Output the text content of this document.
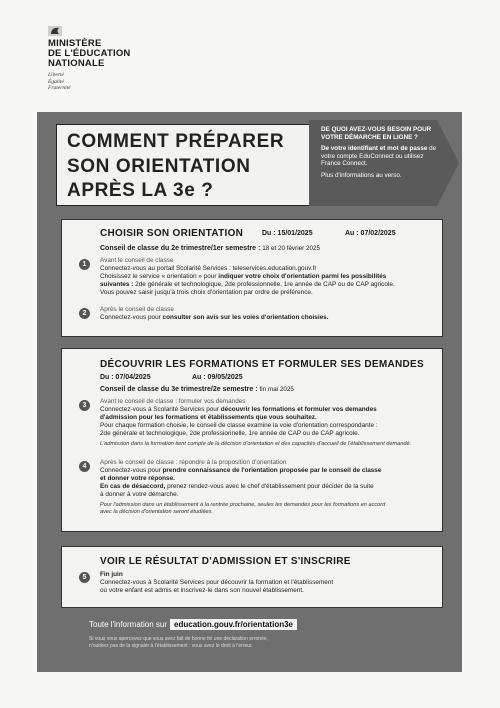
MINISTÈRE
DE L'ÉDUCATION
NATIONALE
Liberté
Égalité
Fraternité
COMMENT PRÉPARER
SON ORIENTATION
APRÈS LA 3e ?
DE QUOI AVEZ-VOUS BESOIN POUR VOTRE DÉMARCHE EN LIGNE ?
De votre identifiant et mot de passe de votre compte EduConnect ou utilisez France Connect.
Plus d'informations au verso.
CHOISIR SON ORIENTATION	Du : 15/01/2025	Au : 07/02/2025
Conseil de classe du 2e trimestre/1er semestre : 18 et 20 février 2025
1
Avant le conseil de classe
Connectez-vous au portail Scolarité Services : teleservices.education.gouv.fr
Choisissez le service « orientation » pour indiquer votre choix d'orientation parmi les possibilités
suivantes : 2de générale et technologique, 2de professionnelle, 1re année de CAP ou de CAP agricole.
Vous pouvez saisir jusqu'à trois choix d'orientation par ordre de préférence.
2
Après le conseil de classe
Connectez-vous pour consulter son avis sur les voies d'orientation choisies.
DÉCOUVRIR LES FORMATIONS ET FORMULER SES DEMANDES
Du : 07/04/2025	Au : 09/05/2025
Conseil de classe du 3e trimestre/2e semestre : fin mai 2025
3
Avant le conseil de classe : formuler vos demandes
Connectez-vous à Scolarité Services pour découvrir les formations et formuler vos demandes
d'admission pour les formations et établissements que vous souhaitez.
Pour chaque formation choisie, le conseil de classe examine la voie d'orientation correspondante :
2de générale et technologique, 2de professionnelle, 1re année de CAP ou de CAP agricole.
L'admission dans la formation tient compte de la décision d'orientation et des capacités d'accueil de l'établissement demandé.
4
Après le conseil de classe : répondre à la proposition d'orientation
Connectez-vous pour prendre connaissance de l'orientation proposée par le conseil de classe
et donner votre réponse.
En cas de désaccord, prenez rendez-vous avec le chef d'établissement pour décider de la suite
à donner à votre démarche.
Pour l'admission dans un établissement à la rentrée prochaine, seules les demandes pour les formations en accord
avec la décision d'orientation seront étudiées.
VOIR LE RÉSULTAT D'ADMISSION ET S'INSCRIRE
5	Fin juin
Connectez-vous à Scolarité Services pour découvrir la formation et l'établissement
où votre enfant est admis et inscrivez-le dans son nouvel établissement.
Toute l'information sur education.gouv.fr/orientation3e
Si vous vous apercevez que vous avez fait de bonne foi une déclaration erronée,
n'oubliez pas de la signaler à l'établissement : vous avez le droit à l'erreur.
